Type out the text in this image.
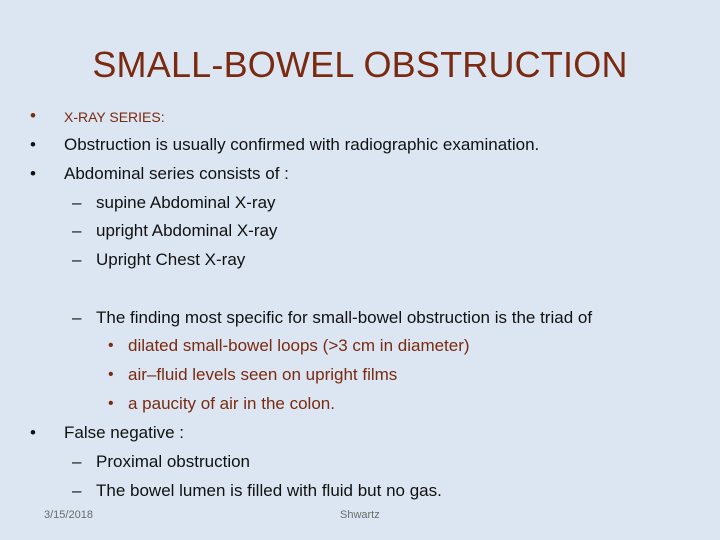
SMALL-BOWEL OBSTRUCTION
• X-RAY SERIES:
• Obstruction is usually confirmed with radiographic examination.
• Abdominal series consists of :
– supine Abdominal X-ray
– upright Abdominal X-ray
– Upright Chest X-ray
– The finding most specific for small-bowel obstruction is the triad of
• dilated small-bowel loops (>3 cm in diameter)
• air–fluid levels seen on upright films
• a paucity of air in the colon.
• False negative :
– Proximal obstruction
– The bowel lumen is filled with fluid but no gas.
3/15/2018	Shwartz
